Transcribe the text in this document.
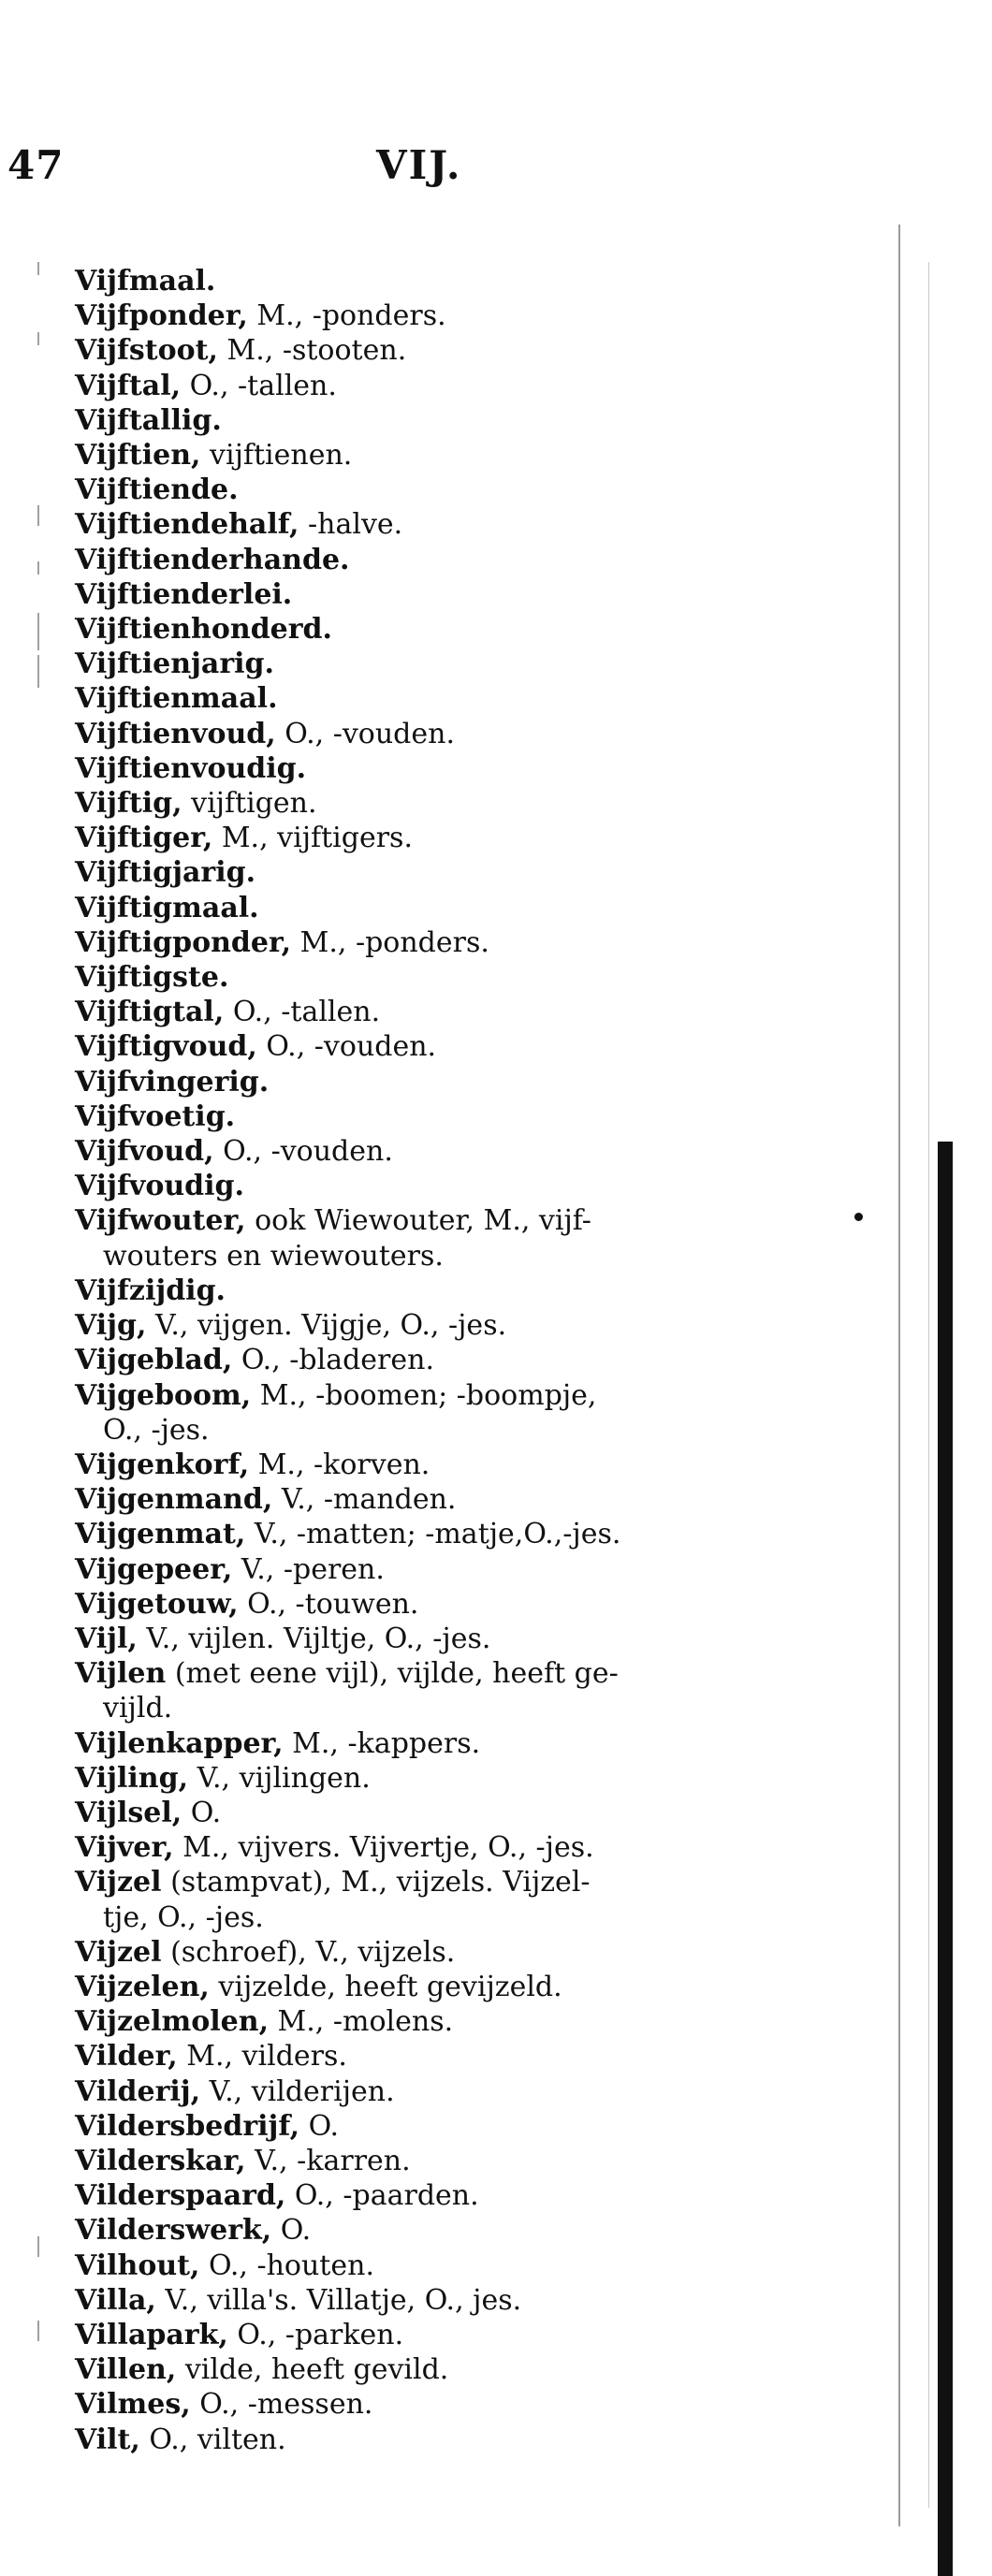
47	VIJ.
Vijfmaal.
Vijfponder, M., -ponders.
Vijfstoot, M., -stooten.
Vijftal, O., -tallen.
Vijftallig.
Vijftien, vijftienen.
Vijftiende.
Vijftiendehalf, -halve.
Vijftienderhande.
Vijftienderlei.
Vijftienhonderd.
Vijftienjarig.
Vijftienmaal.
Vijftienvoud, O., -vouden.
Vijftienvoudig.
Vijftig, vijftigen.
Vijftiger, M., vijftigers.
Vijftigjarig.
Vijftigmaal.
Vijftigponder, M., -ponders.
Vijftigste.
Vijftigtal, O., -tallen.
Vijftigvoud, O., -vouden.
Vijfvingerig.
Vijfvoetig.
Vijfvoud, O., -vouden.
Vijfvoudig.
Vijfwouter, ook Wiewouter, M., vijf-
wouters en wiewouters.
Vijfzijdig.
Vijg, V., vijgen. Vijgje, O., -jes.
Vijgeblad, O., -bladeren.
Vijgeboom, M., -boomen; -boompje,
O., -jes.
Vijgenkorf, M., -korven.
Vijgenmand, V., -manden.
Vijgenmat, V., -matten; -matje,O.,-jes.
Vijgepeer, V., -peren.
Vijgetouw, O., -touwen.
Vijl, V., vijlen. Vijltje, O., -jes.
Vijlen (met eene vijl), vijlde, heeft ge-
vijld.
Vijlenkapper, M., -kappers.
Vijling, V., vijlingen.
Vijlsel, O.
Vijver, M., vijvers. Vijvertje, O., -jes.
Vijzel (stampvat), M., vijzels. Vijzel-
tje, O., -jes.
Vijzel (schroef), V., vijzels.
Vijzelen, vijzelde, heeft gevijzeld.
Vijzelmolen, M., -molens.
Vilder, M., vilders.
Vilderij, V., vilderijen.
Vildersbedrijf, O.
Vilderskar, V., -karren.
Vilderspaard, O., -paarden.
Vilderswerk, O.
Vilhout, O., -houten.
Villa, V., villa's. Villatje, O., jes.
Villapark, O., -parken.
Villen, vilde, heeft gevild.
Vilmes, O., -messen.
Vilt, O., vilten.
